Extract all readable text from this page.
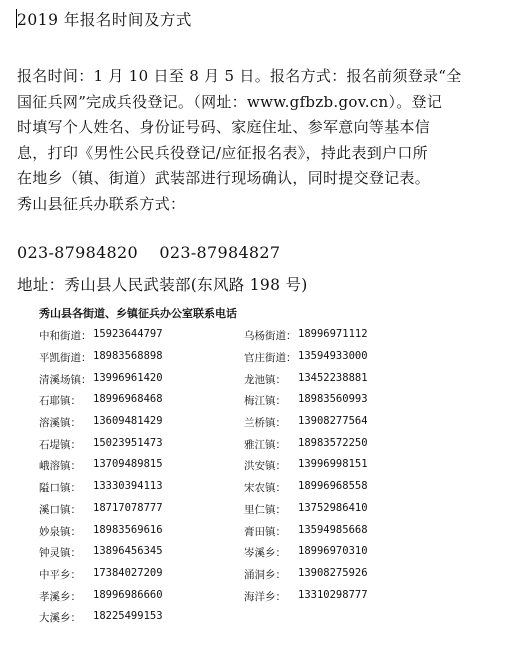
2019 年报名时间及方式
报名时间：1 月 10 日至 8 月 5 日。报名方式：报名前须登录“全
国征兵网”完成兵役登记。（网址：www.gfbzb.gov.cn）。登记
时填写个人姓名、身份证号码、家庭住址、参军意向等基本信
息，打印《男性公民兵役登记/应征报名表》，持此表到户口所
在地乡（镇、街道）武装部进行现场确认，同时提交登记表。
秀山县征兵办联系方式：
023-87984820 023-87984827
地址：秀山县人民武装部(东风路 198 号)
秀山县各街道、乡镇征兵办公室联系电话
中和街道： 15923644797	乌杨街道： 18996971112
平凯街道： 18983568898	官庄街道： 13594933000
清溪场镇： 13996961420	龙池镇：	13452238881
石耶镇：	18996968468	梅江镇：	18983560993
溶溪镇：	13609481429	兰桥镇：	13908277564
石堤镇：	15023951473	雅江镇：	18983572250
峨溶镇：	13709489815	洪安镇：	13996998151
隘口镇：	13330394113	宋农镇：	18996968558
溪口镇：	18717078777	里仁镇：	13752986410
妙泉镇：	18983569616	膏田镇：	13594985668
钟灵镇：	13896456345	岑溪乡：	18996970310
中平乡：	17384027209	涌洞乡：	13908275926
孝溪乡：	18996986660	海洋乡：	13310298777
大溪乡：	18225499153
